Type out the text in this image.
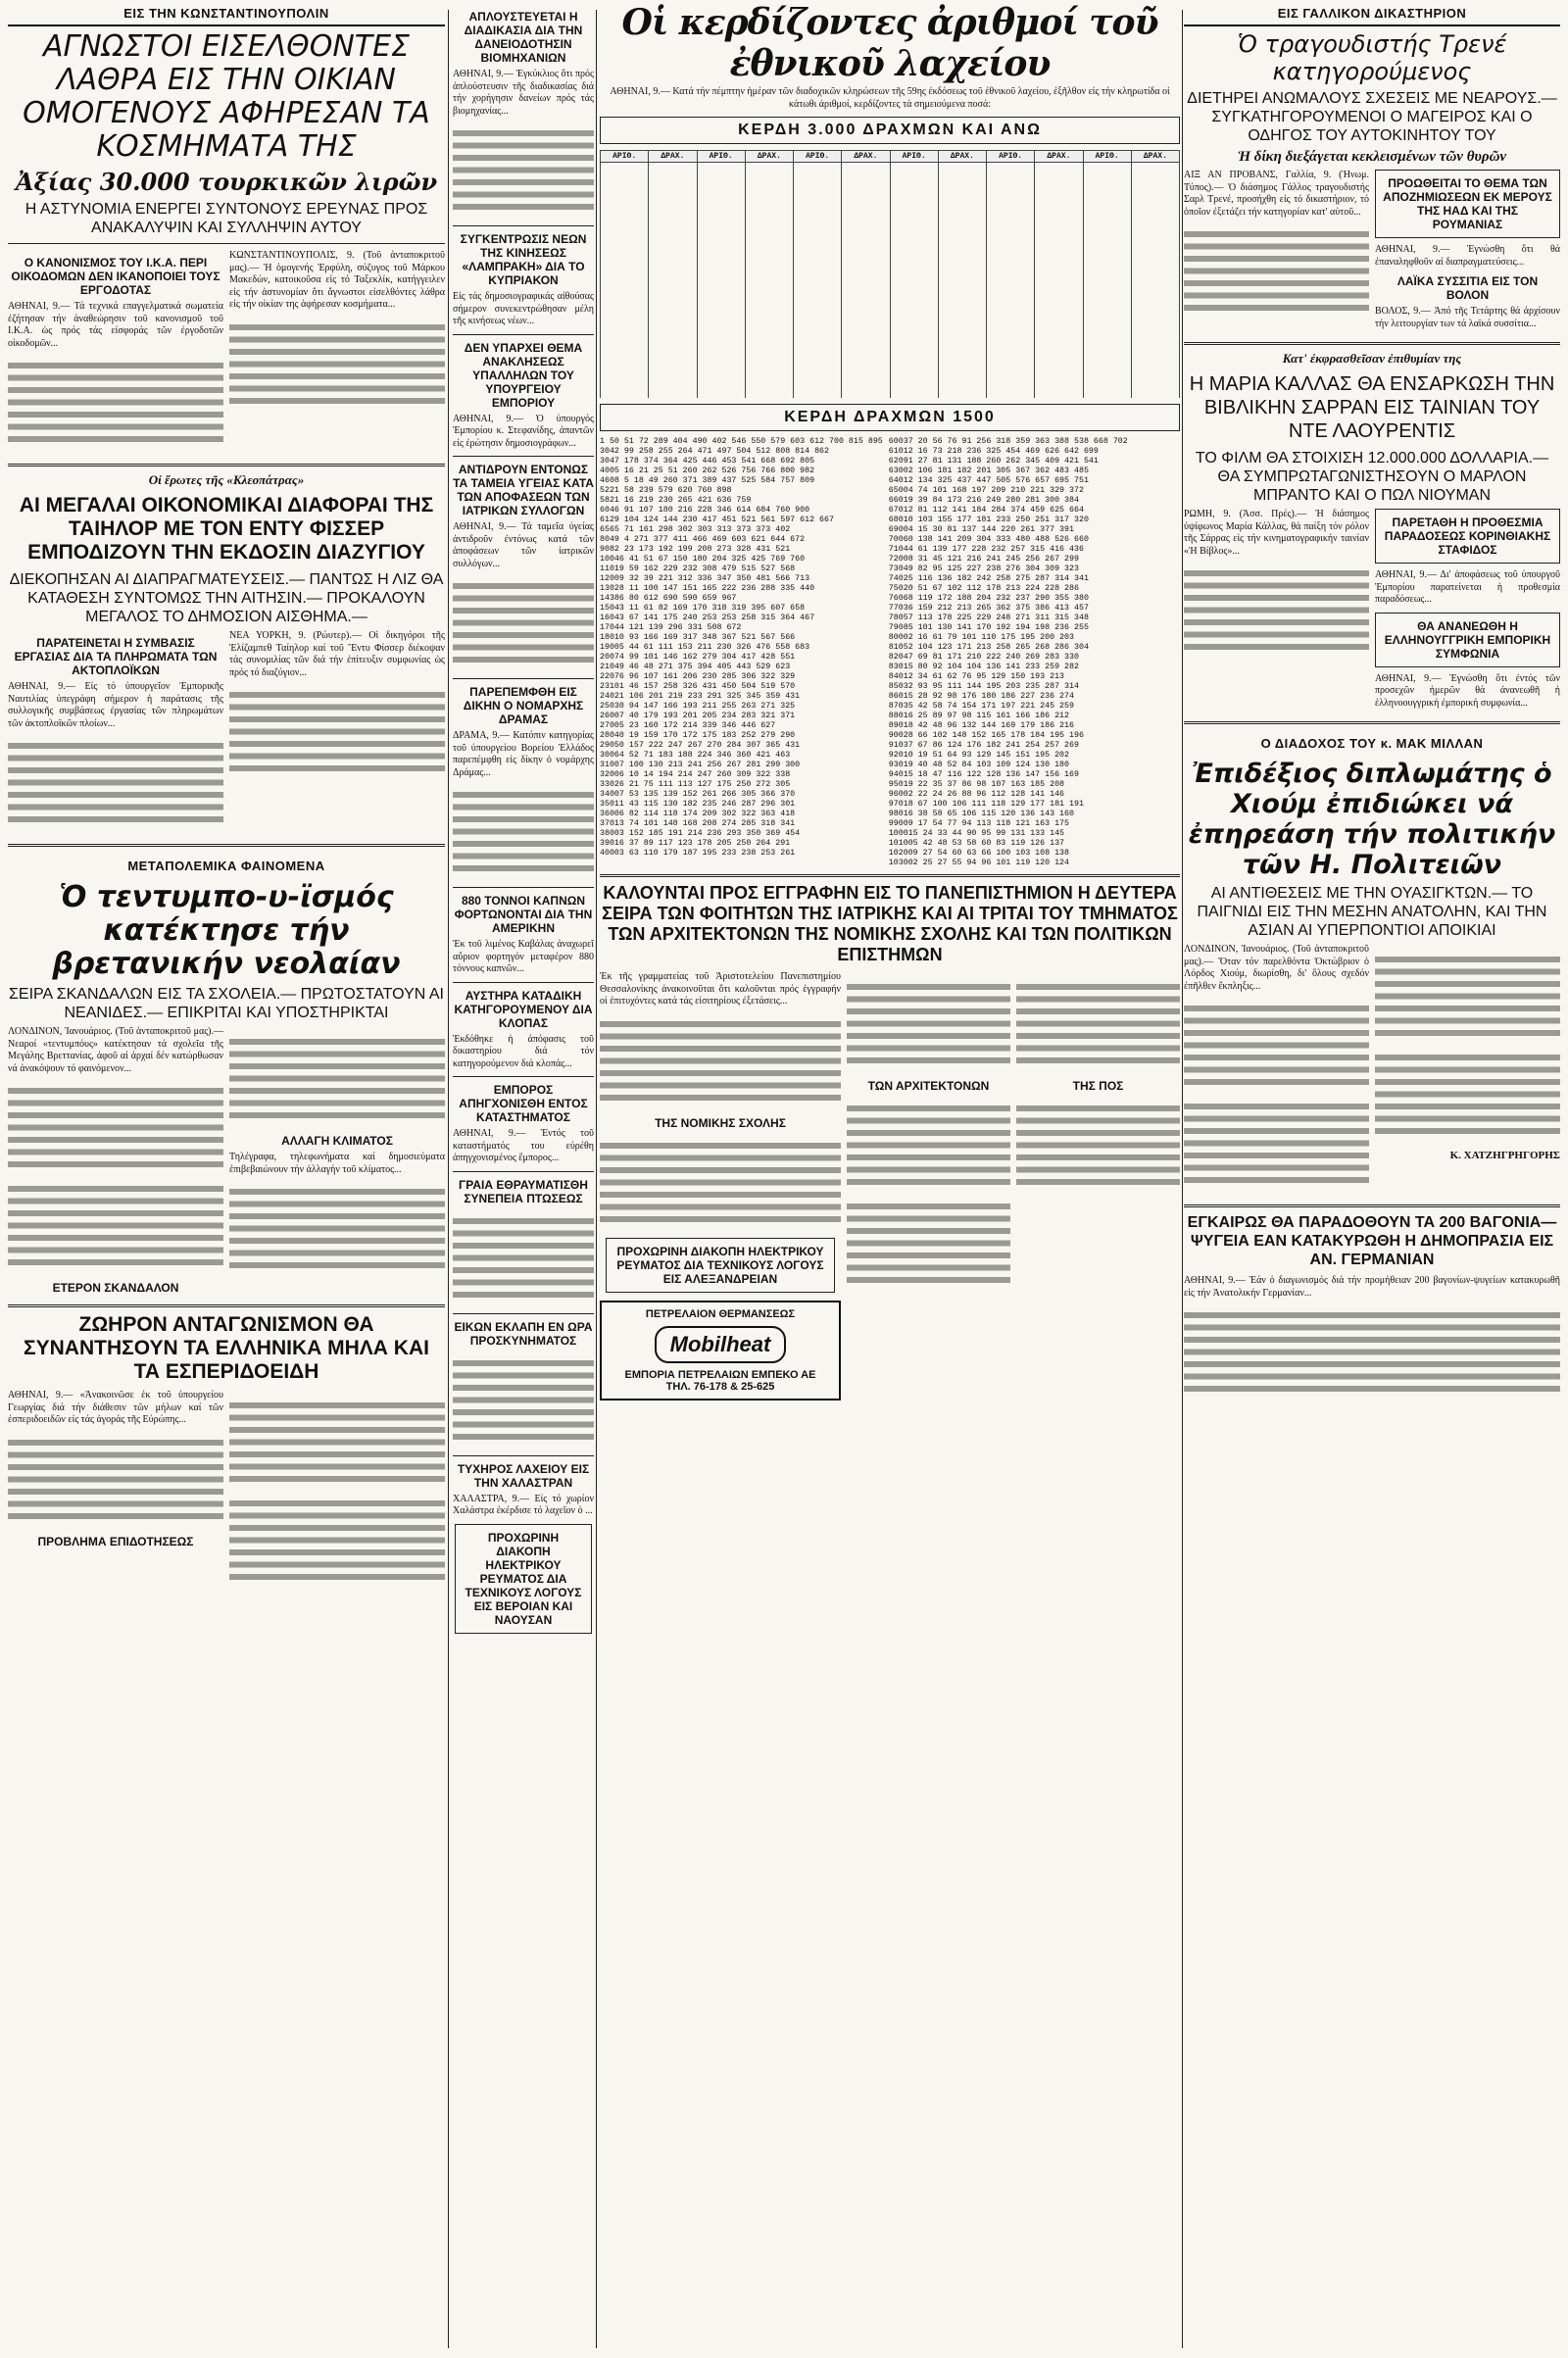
ΕΙΣ ΤΗΝ ΚΩΝΣΤΑΝΤΙΝΟΥΠΟΛΙΝ
ΑΓΝΩΣΤΟΙ ΕΙΣΕΛΘΟΝΤΕΣ ΛΑΘΡΑ ΕΙΣ ΤΗΝ ΟΙΚΙΑΝ ΟΜΟΓΕΝΟΥΣ ΑΦΗΡΕΣΑΝ ΤΑ ΚΟΣΜΗΜΑΤΑ ΤΗΣ
Ἀξίας 30.000 τουρκικῶν λιρῶν
Η ΑΣΤΥΝΟΜΙΑ ΕΝΕΡΓΕΙ ΣΥΝΤΟΝΟΥΣ ΕΡΕΥΝΑΣ ΠΡΟΣ ΑΝΑΚΑΛΥΨΙΝ ΚΑΙ ΣΥΛΛΗΨΙΝ ΑΥΤΟΥ
Ο ΚΑΝΟΝΙΣΜΟΣ ΤΟΥ Ι.Κ.Α. ΠΕΡΙ ΟΙΚΟΔΟΜΩΝ ΔΕΝ ΙΚΑΝΟΠΟΙΕΙ ΤΟΥΣ ΕΡΓΟΔΟΤΑΣ

ΑΘΗΝΑΙ, 9.— Τά τεχνικά επαγγελματικά σωματεία ἐζήτησαν τήν ἀναθεώρησιν τοῦ κανονισμοῦ τοῦ Ι.Κ.Α. ὡς πρός τάς εἰσφοράς τῶν ἐργοδοτῶν οἰκοδομῶν...

ΚΩΝΣΤΑΝΤΙΝΟΥΠΟΛΙΣ, 9. (Τοῦ ἀνταποκριτοῦ μας).— Ἡ ὁμογενής Ἐρφύλη, σύζυγος τοῦ Μάρκου Μακεδών, κατοικοῦσα εἰς τό Ταξεκλίκ, κατήγγειλεν εἰς τήν ἀστυνομίαν ὅτι ἄγνωστοι εἰσελθόντες λάθρα εἰς τήν οἰκίαν της ἀφήρεσαν κοσμήματα...

Οἱ ἔρωτες τῆς «Κλεοπάτρας»
ΑΙ ΜΕΓΑΛΑΙ ΟΙΚΟΝΟΜΙΚΑΙ ΔΙΑΦΟΡΑΙ ΤΗΣ ΤΑΙΗΛΟΡ ΜΕ ΤΟΝ ΕΝΤΥ ΦΙΣΣΕΡ ΕΜΠΟΔΙΖΟΥΝ ΤΗΝ ΕΚΔΟΣΙΝ ΔΙΑΖΥΓΙΟΥ
ΔΙΕΚΟΠΗΣΑΝ ΑΙ ΔΙΑΠΡΑΓΜΑΤΕΥΣΕΙΣ.— ΠΑΝΤΩΣ Η ΛΙΖ ΘΑ ΚΑΤΑΘΕΣΗ ΣΥΝΤΟΜΩΣ ΤΗΝ ΑΙΤΗΣΙΝ.— ΠΡΟΚΑΛΟΥΝ ΜΕΓΑΛΟΣ ΤΟ ΔΗΜΟΣΙΟΝ ΑΙΣΘΗΜΑ.—
ΠΑΡΑΤΕΙΝΕΤΑΙ Η ΣΥΜΒΑΣΙΣ ΕΡΓΑΣΙΑΣ ΔΙΑ ΤΑ ΠΛΗΡΩΜΑΤΑ ΤΩΝ ΑΚΤΟΠΛΟΪΚΩΝ

ΑΘΗΝΑΙ, 9.— Εἰς τό ὑπουργεῖον Ἐμπορικῆς Ναυτιλίας ὑπεγράφη σήμερον ἡ παράτασις τῆς συλλογικῆς συμβάσεως ἐργασίας τῶν πληρωμάτων τῶν ἀκτοπλοϊκῶν πλοίων...

ΝΕΑ ΥΟΡΚΗ, 9. (Ρώυτερ).— Οἱ δικηγόροι τῆς Ἐλίζαμπεθ Ταίηλορ καί τοῦ Ἔντυ Φίσσερ διέκοψαν τάς συνομιλίας τῶν διά τήν ἐπίτευξιν συμφωνίας ὡς πρός τό διαζύγιον...

ΜΕΤΑΠΟΛΕΜΙΚΑ ΦΑΙΝΟΜΕΝΑ
Ὁ τεντυμπο-υ-ϊσμός κατέκτησε τήν βρετανικήν νεολαίαν
ΣΕΙΡΑ ΣΚΑΝΔΑΛΩΝ ΕΙΣ ΤΑ ΣΧΟΛΕΙΑ.— ΠΡΩΤΟΣΤΑΤΟΥΝ ΑΙ ΝΕΑΝΙΔΕΣ.— ΕΠΙΚΡΙΤΑΙ ΚΑΙ ΥΠΟΣΤΗΡΙΚΤΑΙ

ΛΟΝΔΙΝΟΝ, Ἰανουάριος. (Τοῦ ἀνταποκριτοῦ μας).— Νεαροί «τεντυμπόυς» κατέκτησαν τά σχολεῖα τῆς Μεγάλης Βρεττανίας, ἀφοῦ αἱ ἀρχαί δέν κατώρθωσαν νά ἀνακόψουν τό φαινόμενον...

ΕΤΕΡΟΝ ΣΚΑΝΔΑΛΟΝ

ΑΛΛΑΓΗ ΚΛΙΜΑΤΟΣ

Τηλέγραφα, τηλεφωνήματα καί δημοσιεύματα ἐπιβεβαιώνουν τήν ἀλλαγήν τοῦ κλίματος...

ΖΩΗΡΟΝ ΑΝΤΑΓΩΝΙΣΜΟΝ ΘΑ ΣΥΝΑΝΤΗΣΟΥΝ ΤΑ ΕΛΛΗΝΙΚΑ ΜΗΛΑ ΚΑΙ ΤΑ ΕΣΠΕΡΙΔΟΕΙΔΗ

ΑΘΗΝΑΙ, 9.— «Ἀνακοινῶσε ἐκ τοῦ ὑπουργείου Γεωργίας διά τήν διάθεσιν τῶν μήλων καί τῶν ἐσπεριδοειδῶν εἰς τάς ἀγοράς τῆς Εὐρώπης...

ΠΡΟΒΛΗΜΑ ΕΠΙΔΟΤΗΣΕΩΣ

ΑΠΛΟΥΣΤΕΥΕΤΑΙ Η ΔΙΑΔΙΚΑΣΙΑ ΔΙΑ ΤΗΝ ΔΑΝΕΙΟΔΟΤΗΣΙΝ ΒΙΟΜΗΧΑΝΙΩΝ

ΑΘΗΝΑΙ, 9.— Ἐγκύκλιος ὅτι πρός ἀπλούστευσιν τῆς διαδικασίας διά τήν χορήγησιν δανείων πρός τάς βιομηχανίας...

ΣΥΓΚΕΝΤΡΩΣΙΣ ΝΕΩΝ ΤΗΣ ΚΙΝΗΣΕΩΣ «ΛΑΜΠΡΑΚΗ» ΔΙΑ ΤΟ ΚΥΠΡΙΑΚΟΝ

Εἰς τάς δημοσιογραφικάς αἰθούσας σήμερον συνεκεντρώθησαν μέλη τῆς κινήσεως νέων...

ΔΕΝ ΥΠΑΡΧΕΙ ΘΕΜΑ ΑΝΑΚΛΗΣΕΩΣ ΥΠΑΛΛΗΛΩΝ ΤΟΥ ΥΠΟΥΡΓΕΙΟΥ ΕΜΠΟΡΙΟΥ

ΑΘΗΝΑΙ, 9.— Ὁ ὑπουργός Ἐμπορίου κ. Στεφανίδης, ἀπαντῶν εἰς ἐρώτησιν δημοσιογράφων...

ΑΝΤΙΔΡΟΥΝ ΕΝΤΟΝΩΣ ΤΑ ΤΑΜΕΙΑ ΥΓΕΙΑΣ ΚΑΤΑ ΤΩΝ ΑΠΟΦΑΣΕΩΝ ΤΩΝ ΙΑΤΡΙΚΩΝ ΣΥΛΛΟΓΩΝ

ΑΘΗΝΑΙ, 9.— Τά ταμεῖα ὑγείας ἀντιδροῦν ἐντόνως κατά τῶν ἀποφάσεων τῶν ἰατρικῶν συλλόγων...

ΠΑΡΕΠΕΜΦΘΗ ΕΙΣ ΔΙΚΗΝ Ο ΝΟΜΑΡΧΗΣ ΔΡΑΜΑΣ

ΔΡΑΜΑ, 9.— Κατόπιν κατηγορίας τοῦ ὑπουργείου Βορείου Ἑλλάδος παρεπέμφθη εἰς δίκην ὁ νομάρχης Δράμας...

880 ΤΟΝΝΟΙ ΚΑΠΝΩΝ ΦΟΡΤΩΝΟΝΤΑΙ ΔΙΑ ΤΗΝ ΑΜΕΡΙΚΗΝ

Ἐκ τοῦ λιμένος Καβάλας ἀναχωρεῖ αὔριον φορτηγόν μεταφέρον 880 τόννους καπνῶν...

ΑΥΣΤΗΡΑ ΚΑΤΑΔΙΚΗ ΚΑΤΗΓΟΡΟΥΜΕΝΟΥ ΔΙΑ ΚΛΟΠΑΣ

Ἐκδόθηκε ἡ ἀπόφασις τοῦ δικαστηρίου διά τόν κατηγορούμενον διά κλοπάς...

ΕΜΠΟΡΟΣ ΑΠΗΓΧΟΝΙΣΘΗ ΕΝΤΟΣ ΚΑΤΑΣΤΗΜΑΤΟΣ

ΑΘΗΝΑΙ, 9.— Ἐντός τοῦ καταστήματός του εὑρέθη ἀπηγχονισμένος ἔμπορος...

ΓΡΑΙΑ ΕΘΡΑΥΜΑΤΙΣΘΗ ΣΥΝΕΠΕΙΑ ΠΤΩΣΕΩΣ

ΕΙΚΩΝ ΕΚΛΑΠΗ ΕΝ ΩΡΑ ΠΡΟΣΚΥΝΗΜΑΤΟΣ

ΤΥΧΗΡΟΣ ΛΑΧΕΙΟΥ ΕΙΣ ΤΗΝ ΧΑΛΑΣΤΡΑΝ

ΧΑΛΑΣΤΡΑ, 9.— Εἰς τό χωρίον Χαλάστρα ἐκέρδισε τό λαχεῖον ὁ ...

ΠΡΟΧΩΡΙΝΗ ΔΙΑΚΟΠΗ ΗΛΕΚΤΡΙΚΟΥ ΡΕΥΜΑΤΟΣ ΔΙΑ ΤΕΧΝΙΚΟΥΣ ΛΟΓΟΥΣ ΕΙΣ ΒΕΡΟΙΑΝ ΚΑΙ ΝΑΟΥΣΑΝ
Οἱ κερδίζοντες ἀριθμοί τοῦ ἐθνικοῦ λαχείου

ΑΘΗΝΑΙ, 9.— Κατά τήν πέμπτην ἡμέραν τῶν διαδοχικῶν κληρώσεων τῆς 59ης ἐκδόσεως τοῦ ἐθνικοῦ λαχείου, ἐξῆλθον εἰς τήν κληρωτίδα οἱ κάτωθι ἀριθμοί, κερδίζοντες τά σημειούμενα ποσά:

ΚΕΡΔΗ 3.000 ΔΡΑΧΜΩΝ ΚΑΙ ΑΝΩ
ΑΡΙΘ.	ΔΡΑΧ.	ΑΡΙΘ.	ΔΡΑΧ.	ΑΡΙΘ.	ΔΡΑΧ.	ΑΡΙΘ.	ΔΡΑΧ.	ΑΡΙΘ.	ΔΡΑΧ.	ΑΡΙΘ.	ΔΡΑΧ.

ΚΕΡΔΗ ΔΡΑΧΜΩΝ 1500
1 50 51 72 289 404 490 402 546 550 579 603 612 700 815 895
3042 99 258 255 264 471 497 504 512 808 814 862
3047 178 374 364 425 446 453 541 668 692 805
4005 16 21 25 51 260 262 526 756 766 800 982
4608 5 18 49 260 371 389 437 525 584 757 809
5221 58 239 579 620 760 898
5821 16 219 230 265 421 636 759
6046 91 107 180 216 228 346 614 684 760 900
6129 104 124 144 230 417 451 521 561 597 612 667
6565 71 161 298 302 303 313 373 373 402
8049 4 271 377 411 466 469 603 621 644 672
9082 23 173 192 199 208 273 328 431 521
10046 41 51 67 150 180 204 325 425 769 760
11019 59 162 229 232 308 479 515 527 568
12009 32 39 221 312 336 347 350 481 566 713
13028 11 100 147 151 165 222 236 288 335 440
14386 80 612 690 590 659 967
15043 11 61 82 169 170 318 319 395 607 658
16043 67 141 175 240 253 253 258 315 364 467
17044 121 139 296 331 508 672
18010 93 166 169 317 348 367 521 567 566
19005 44 61 111 153 211 230 326 476 558 683
20074 99 101 146 162 279 304 417 428 551
21049 46 48 271 375 394 405 443 529 623
22076 96 107 161 206 230 285 306 322 329
23101 46 157 258 326 431 450 504 519 570
24021 106 201 219 233 291 325 345 359 431
25030 94 147 166 193 211 255 263 271 325
26007 40 179 193 201 205 234 283 321 371
27005 23 160 172 214 339 346 446 627
28040 19 159 170 172 175 183 252 279 290
29050 157 222 247 267 270 284 307 365 431
30064 52 71 183 188 224 346 360 421 463
31007 100 130 213 241 256 267 281 299 300
32006 10 14 194 214 247 260 309 322 338
33026 21 75 111 113 127 175 250 272 305
34007 53 135 139 152 261 266 305 366 370
35011 43 115 130 182 235 246 287 296 301
36006 82 114 118 174 209 302 322 363 418
37013 74 101 148 168 208 274 285 318 341
38003 152 185 191 214 236 293 350 369 454
39016 37 89 117 123 178 205 250 264 291
40003 63 110 179 187 195 233 238 253 261
60037 20 56 76 91 256 318 359 363 388 538 668 702
61012 16 73 218 236 325 454 469 626 642 699
62091 27 81 131 188 260 262 345 409 421 541
63002 106 181 182 201 305 367 362 483 485
64012 134 325 437 447 505 576 657 695 751
65004 74 101 168 197 209 210 221 329 372
66019 39 84 173 216 249 280 281 300 384
67012 81 112 141 184 284 374 459 625 664
68010 103 155 177 181 233 250 251 317 320
69004 15 30 81 137 144 220 261 377 391
70060 138 141 209 304 333 480 488 526 660
71044 61 139 177 228 232 257 315 416 436
72008 31 45 121 216 241 245 256 267 299
73049 82 95 125 227 238 276 304 309 323
74025 116 136 182 242 258 275 287 314 341
75020 51 67 102 112 178 213 224 228 286
76068 119 172 188 204 232 237 290 355 380
77036 159 212 213 265 362 375 386 413 457
78057 113 178 225 229 248 271 311 315 348
79085 101 130 141 170 192 194 198 236 255
80002 16 61 79 101 110 175 195 200 203
81052 104 123 171 213 258 265 268 286 304
82047 69 81 171 210 222 240 269 283 330
83015 80 92 104 104 136 141 233 259 282
84012 34 61 62 76 95 129 150 193 213
85032 93 95 111 144 195 203 235 287 314
86015 28 92 98 176 180 186 227 236 274
87035 42 58 74 154 171 197 221 245 259
88016 25 89 97 98 115 161 166 186 212
89018 42 48 96 132 144 169 179 186 216
90028 66 102 148 152 165 178 184 195 196
91037 67 86 124 176 182 241 254 257 269
92010 19 51 64 93 129 145 151 195 202
93019 40 48 52 84 103 109 124 130 180
94015 18 47 116 122 128 136 147 156 169
95019 22 35 37 86 98 107 163 185 208
96002 22 24 26 88 96 112 128 141 146
97018 67 100 106 111 118 129 177 181 191
98016 38 58 65 106 115 120 136 143 160
99009 17 54 77 94 113 118 121 163 175
100015 24 33 44 90 95 99 131 133 145
101005 42 48 53 58 60 83 119 126 137
102009 27 54 60 63 66 100 103 108 138
103002 25 27 55 94 96 101 119 120 124
ΚΑΛΟΥΝΤΑΙ ΠΡΟΣ ΕΓΓΡΑΦΗΝ ΕΙΣ ΤΟ ΠΑΝΕΠΙΣΤΗΜΙΟΝ Η ΔΕΥΤΕΡΑ ΣΕΙΡΑ ΤΩΝ ΦΟΙΤΗΤΩΝ ΤΗΣ ΙΑΤΡΙΚΗΣ ΚΑΙ ΑΙ ΤΡΙΤΑΙ ΤΟΥ ΤΜΗΜΑΤΟΣ ΤΩΝ ΑΡΧΙΤΕΚΤΟΝΩΝ ΤΗΣ ΝΟΜΙΚΗΣ ΣΧΟΛΗΣ ΚΑΙ ΤΩΝ ΠΟΛΙΤΙΚΩΝ ΕΠΙΣΤΗΜΩΝ

Ἐκ τῆς γραμματείας τοῦ Ἀριστοτελείου Πανεπιστημίου Θεσσαλονίκης ἀνακοινοῦται ὅτι καλοῦνται πρός ἐγγραφήν οἱ ἐπιτυχόντες κατά τάς εἰσιτηρίους ἐξετάσεις...

ΤΗΣ ΝΟΜΙΚΗΣ ΣΧΟΛΗΣ

ΠΡΟΧΩΡΙΝΗ ΔΙΑΚΟΠΗ ΗΛΕΚΤΡΙΚΟΥ ΡΕΥΜΑΤΟΣ ΔΙΑ ΤΕΧΝΙΚΟΥΣ ΛΟΓΟΥΣ ΕΙΣ ΑΛΕΞΑΝΔΡΕΙΑΝ
ΠΕΤΡΕΛΑΙΟΝ ΘΕΡΜΑΝΣΕΩΣ
Mobilheat
ΕΜΠΟΡΙΑ ΠΕΤΡΕΛΑΙΩΝ ΕΜΠΕΚΟ ΑΕ
ΤΗΛ. 76-178 & 25-625

ΤΩΝ ΑΡΧΙΤΕΚΤΟΝΩΝ	ΤΗΣ ΠΟΣ

ΕΙΣ ΓΑΛΛΙΚΟΝ ΔΙΚΑΣΤΗΡΙΟΝ
Ὁ τραγουδιστής Τρενέ κατηγορούμενος
ΔΙΕΤΗΡΕΙ ΑΝΩΜΑΛΟΥΣ ΣΧΕΣΕΙΣ ΜΕ ΝΕΑΡΟΥΣ.— ΣΥΓΚΑΤΗΓΟΡΟΥΜΕΝΟΙ Ο ΜΑΓΕΙΡΟΣ ΚΑΙ Ο ΟΔΗΓΟΣ ΤΟΥ ΑΥΤΟΚΙΝΗΤΟΥ ΤΟΥ
Ἡ δίκη διεξάγεται κεκλεισμένων τῶν θυρῶν

ΑΙΞ ΑΝ ΠΡΟΒΑΝΣ, Γαλλία, 9. (Ἡνωμ. Τύπος).— Ὁ διάσημος Γάλλος τραγουδιστής Σαρλ Τρενέ, προσήχθη εἰς τό δικαστήριον, τό ὁποῖον ἐξετάζει τήν κατηγορίαν κατ' αὐτοῦ...

ΠΡΟΩΘΕΙΤΑΙ ΤΟ ΘΕΜΑ ΤΩΝ ΑΠΟΖΗΜΙΩΣΕΩΝ ΕΚ ΜΕΡΟΥΣ ΤΗΣ ΗΑΔ ΚΑΙ ΤΗΣ ΡΟΥΜΑΝΙΑΣ

ΑΘΗΝΑΙ, 9.— Ἐγνώσθη ὅτι θά ἐπαναληφθοῦν αἱ διαπραγματεύσεις...

ΛΑΪΚΑ ΣΥΣΣΙΤΙΑ ΕΙΣ ΤΟΝ ΒΟΛΟΝ

ΒΟΛΟΣ, 9.— Ἀπό τῆς Τετάρτης θά ἀρχίσουν τήν λειτουργίαν των τά λαϊκά συσσίτια...

Κατ' ἐκφρασθεῖσαν ἐπιθυμίαν της
Η ΜΑΡΙΑ ΚΑΛΛΑΣ ΘΑ ΕΝΣΑΡΚΩΣΗ ΤΗΝ ΒΙΒΛΙΚΗΝ ΣΑΡΡΑΝ ΕΙΣ ΤΑΙΝΙΑΝ ΤΟΥ ΝΤΕ ΛΑΟΥΡΕΝΤΙΣ
ΤΟ ΦΙΛΜ ΘΑ ΣΤΟΙΧΙΣΗ 12.000.000 ΔΟΛΛΑΡΙΑ.— ΘΑ ΣΥΜΠΡΩΤΑΓΩΝΙΣΤΗΣΟΥΝ Ο ΜΑΡΛΟΝ ΜΠΡΑΝΤΟ ΚΑΙ Ο ΠΩΛ ΝΙΟΥΜΑΝ

ΡΩΜΗ, 9. (Ἀσσ. Πρές).— Ἡ διάσημος ὑψίφωνος Μαρία Κάλλας, θά παίξη τόν ρόλον τῆς Σάρρας εἰς τήν κινηματογραφικήν ταινίαν «Ἡ Βίβλος»...

ΠΑΡΕΤΑΘΗ Η ΠΡΟΘΕΣΜΙΑ ΠΑΡΑΔΟΣΕΩΣ ΚΟΡΙΝΘΙΑΚΗΣ ΣΤΑΦΙΔΟΣ

ΑΘΗΝΑΙ, 9.— Δι' ἀποφάσεως τοῦ ὑπουργοῦ Ἐμπορίου παρατείνεται ἡ προθεσμία παραδόσεως...

ΘΑ ΑΝΑΝΕΩΘΗ Η ΕΛΛΗΝΟΥΓΓΡΙΚΗ ΕΜΠΟΡΙΚΗ ΣΥΜΦΩΝΙΑ

ΑΘΗΝΑΙ, 9.— Ἐγνώσθη ὅτι ἐντός τῶν προσεχῶν ἡμερῶν θά ἀνανεωθῆ ἡ ἑλληνοουγγρική ἐμπορική συμφωνία...

Ο ΔΙΑΔΟΧΟΣ ΤΟΥ κ. ΜΑΚ ΜΙΛΛΑΝ
Ἐπιδέξιος διπλωμάτης ὁ Χιούμ ἐπιδιώκει νά ἐπηρεάση τήν πολιτικήν τῶν Η. Πολιτειῶν
ΑΙ ΑΝΤΙΘΕΣΕΙΣ ΜΕ ΤΗΝ ΟΥΑΣΙΓΚΤΩΝ.— ΤΟ ΠΑΙΓΝΙΔΙ ΕΙΣ ΤΗΝ ΜΕΣΗΝ ΑΝΑΤΟΛΗΝ, ΚΑΙ ΤΗΝ ΑΣΙΑΝ ΑΙ ΥΠΕΡΠΟΝΤΙΟΙ ΑΠΟΙΚΙΑΙ

ΛΟΝΔΙΝΟΝ, Ἰανουάριος. (Τοῦ ἀνταποκριτοῦ μας).— Ὅταν τόν παρελθόντα Ὀκτώβριον ὁ Λόρδος Χιούμ, διωρίσθη, δι' ὅλους σχεδόν ἐπῆλθεν ἔκπληξις...

Κ. ΧΑΤΖΗΓΡΗΓΟΡΗΣ
ΕΓΚΑΙΡΩΣ ΘΑ ΠΑΡΑΔΟΘΟΥΝ ΤΑ 200 ΒΑΓΟΝΙΑ—ΨΥΓΕΙΑ ΕΑΝ ΚΑΤΑΚΥΡΩΘΗ Η ΔΗΜΟΠΡΑΣΙΑ ΕΙΣ ΑΝ. ΓΕΡΜΑΝΙΑΝ

ΑΘΗΝΑΙ, 9.— Ἐάν ὁ διαγωνισμός διά τήν προμήθειαν 200 βαγονίων-ψυγείων κατακυρωθῆ εἰς τήν Ἀνατολικήν Γερμανίαν...
